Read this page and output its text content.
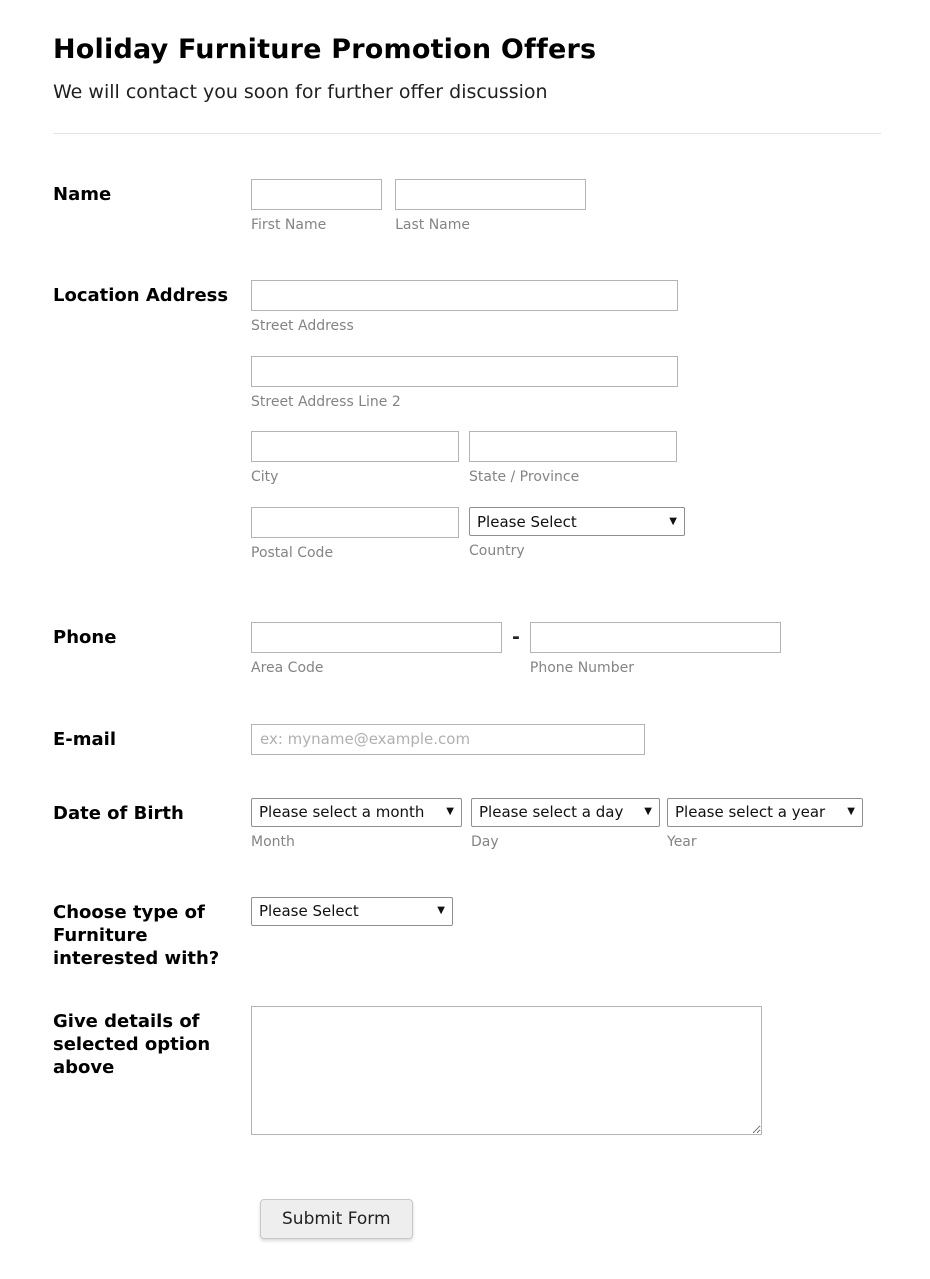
Holiday Furniture Promotion Offers
We will contact you soon for further offer discussion
Name
First Name
	Last Name
Location Address
Street Address
Street Address Line 2
City	State / Province
Postal Code
Please Select
▼
Country
Phone
Area Code
-
Phone Number
E-mail
ex: myname@example.com
Date of Birth
Please select a month	▼
Month
Please select a day
▼
Day
Please select a year
▼
Year
Choose type of Furniture interested with?
Please Select
▼
Give details of selected option above
Submit Form
